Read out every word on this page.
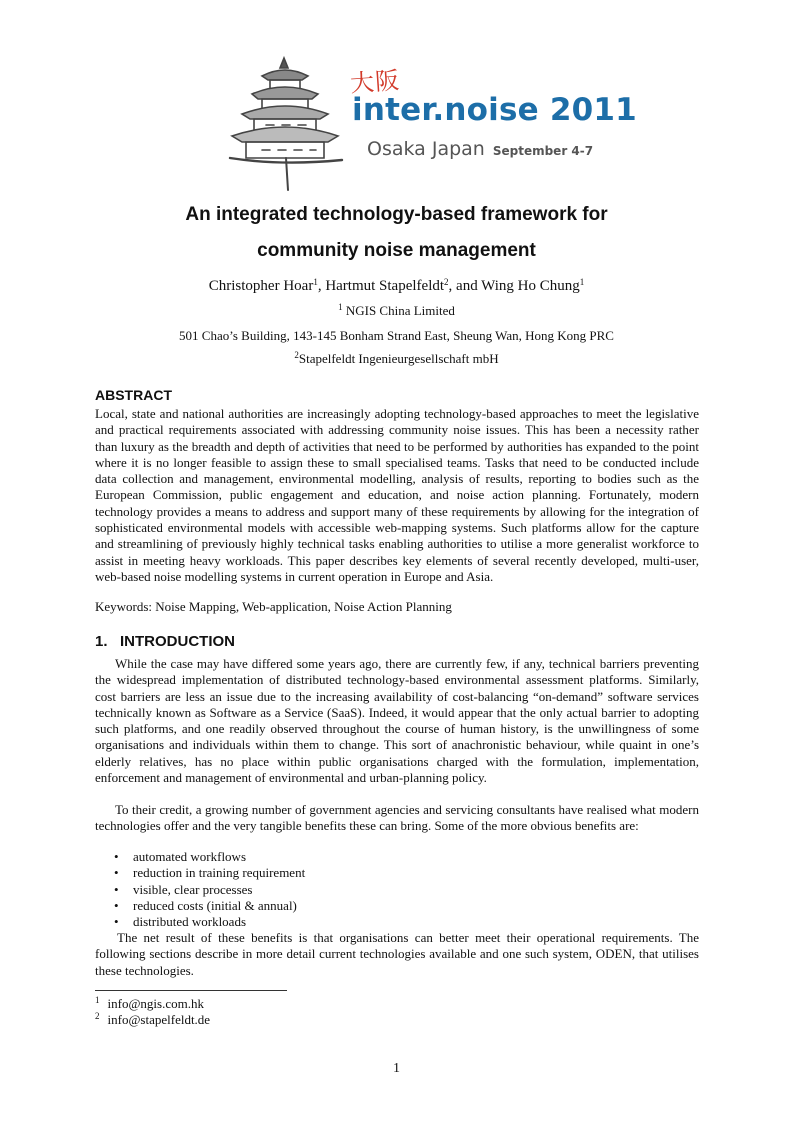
大阪
inter.noise 2011
Osaka Japan September 4-7
An integrated technology-based framework for
community noise management
Christopher Hoar$^1$, Hartmut Stapelfeldt$^2$, and Wing Ho Chung$^1$
$^1$ NGIS China Limited
501 Chao’s Building, 143-145 Bonham Strand East, Sheung Wan, Hong Kong PRC
$^2$Stapelfeldt Ingenieurgesellschaft mbH
ABSTRACT
Local, state and national authorities are increasingly adopting technology-based approaches to meet the legislative and practical requirements associated with addressing community noise issues. This has been a necessity rather than luxury as the breadth and depth of activities that need to be performed by authorities has expanded to the point where it is no longer feasible to assign these to small specialised teams. Tasks that need to be conducted include data collection and management, environmental modelling, analysis of results, reporting to bodies such as the European Commission, public engagement and education, and noise action planning. Fortunately, modern technology provides a means to address and support many of these requirements by allowing for the integration of sophisticated environmental models with accessible web-mapping systems. Such platforms allow for the capture and streamlining of previously highly technical tasks enabling authorities to utilise a more generalist workforce to assist in meeting heavy workloads. This paper describes key elements of several recently developed, multi-user, web-based noise modelling systems in current operation in Europe and Asia.
Keywords: Noise Mapping, Web-application, Noise Action Planning
1.   INTRODUCTION
While the case may have differed some years ago, there are currently few, if any, technical barriers preventing the widespread implementation of distributed technology-based environmental assessment platforms. Similarly, cost barriers are less an issue due to the increasing availability of cost-balancing “on-demand” software services technically known as Software as a Service (SaaS). Indeed, it would appear that the only actual barrier to adopting such platforms, and one readily observed throughout the course of human history, is the unwillingness of some organisations and individuals within them to change. This sort of anachronistic behaviour, while quaint in one’s elderly relatives, has no place within public organisations charged with the formulation, implementation, enforcement and management of environmental and urban-planning policy.
To their credit, a growing number of government agencies and servicing consultants have realised what modern technologies offer and the very tangible benefits these can bring. Some of the more obvious benefits are:
• automated workflows
• reduction in training requirement
• visible, clear processes
• reduced costs (initial & annual)
• distributed workloads
The net result of these benefits is that organisations can better meet their operational requirements. The following sections describe in more detail current technologies available and one such system, ODEN, that utilises these technologies.
$^1$ info@ngis.com.hk
$^2$ info@stapelfeldt.de
1
